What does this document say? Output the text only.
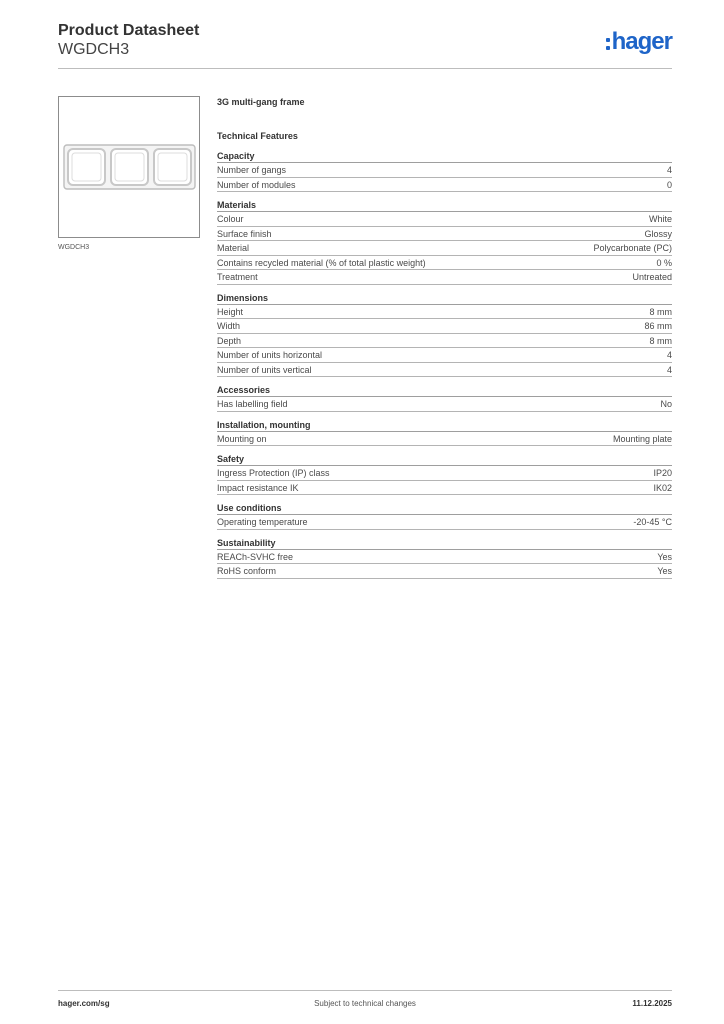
Product Datasheet
WGDCH3	hager
WGDCH3
3G multi-gang frame
Technical Features
Capacity
Number of gangs	4
Number of modules	0
Materials
Colour	White
Surface finish	Glossy
Material	Polycarbonate (PC)
Contains recycled material (% of total plastic weight)	0 %
Treatment	Untreated
Dimensions
Height	8 mm
Width	86 mm
Depth	8 mm
Number of units horizontal	4
Number of units vertical	4
Accessories
Has labelling field	No
Installation, mounting
Mounting on	Mounting plate
Safety
Ingress Protection (IP) class	IP20
Impact resistance IK	IK02
Use conditions
Operating temperature	-20-45 °C
Sustainability
REACh-SVHC free	Yes
RoHS conform	Yes
hager.com/sg	Subject to technical changes	11.12.2025
